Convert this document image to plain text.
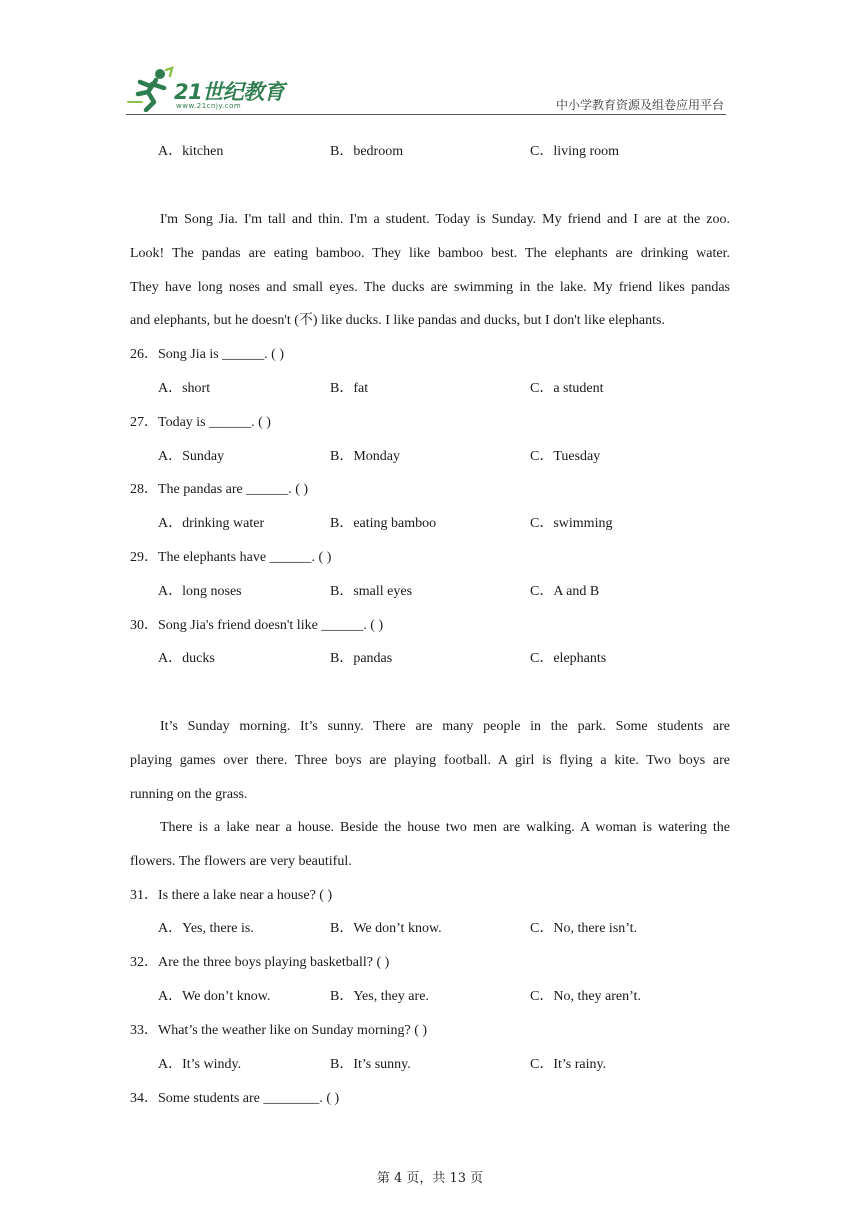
21世纪教育
www.21cnjy.com	中小学教育资源及组卷应用平台
A．kitchen	B．bedroom	C．living room
I'm Song Jia. I'm tall and thin. I'm a student. Today is Sunday. My friend and I are at the zoo.
Look! The pandas are eating bamboo. They like bamboo best. The elephants are drinking water.
They have long noses and small eyes. The ducks are swimming in the lake. My friend likes pandas
and elephants, but he doesn't (不) like ducks. I like pandas and ducks, but I don't like elephants.
26．Song Jia is ______. ( )
A．short	B．fat	C．a student
27．Today is ______. ( )
A．Sunday	B．Monday	C．Tuesday
28．The pandas are ______. ( )
A．drinking water	B．eating bamboo	C．swimming
29．The elephants have ______. ( )
A．long noses	B．small eyes	C．A and B
30．Song Jia's friend doesn't like ______. ( )
A．ducks	B．pandas	C．elephants
It’s Sunday morning. It’s sunny. There are many people in the park. Some students are
playing games over there. Three boys are playing football. A girl is flying a kite. Two boys are
running on the grass.
There is a lake near a house. Beside the house two men are walking. A woman is watering the
flowers. The flowers are very beautiful.
31．Is there a lake near a house? ( )
A．Yes, there is.	B．We don’t know.	C．No, there isn’t.
32．Are the three boys playing basketball? ( )
A．We don’t know.	B．Yes, they are.	C．No, they aren’t.
33．What’s the weather like on Sunday morning? ( )
A．It’s windy.	B．It’s sunny.	C．It’s rainy.
34．Some students are ________. ( )
第 4 页，共 13 页
